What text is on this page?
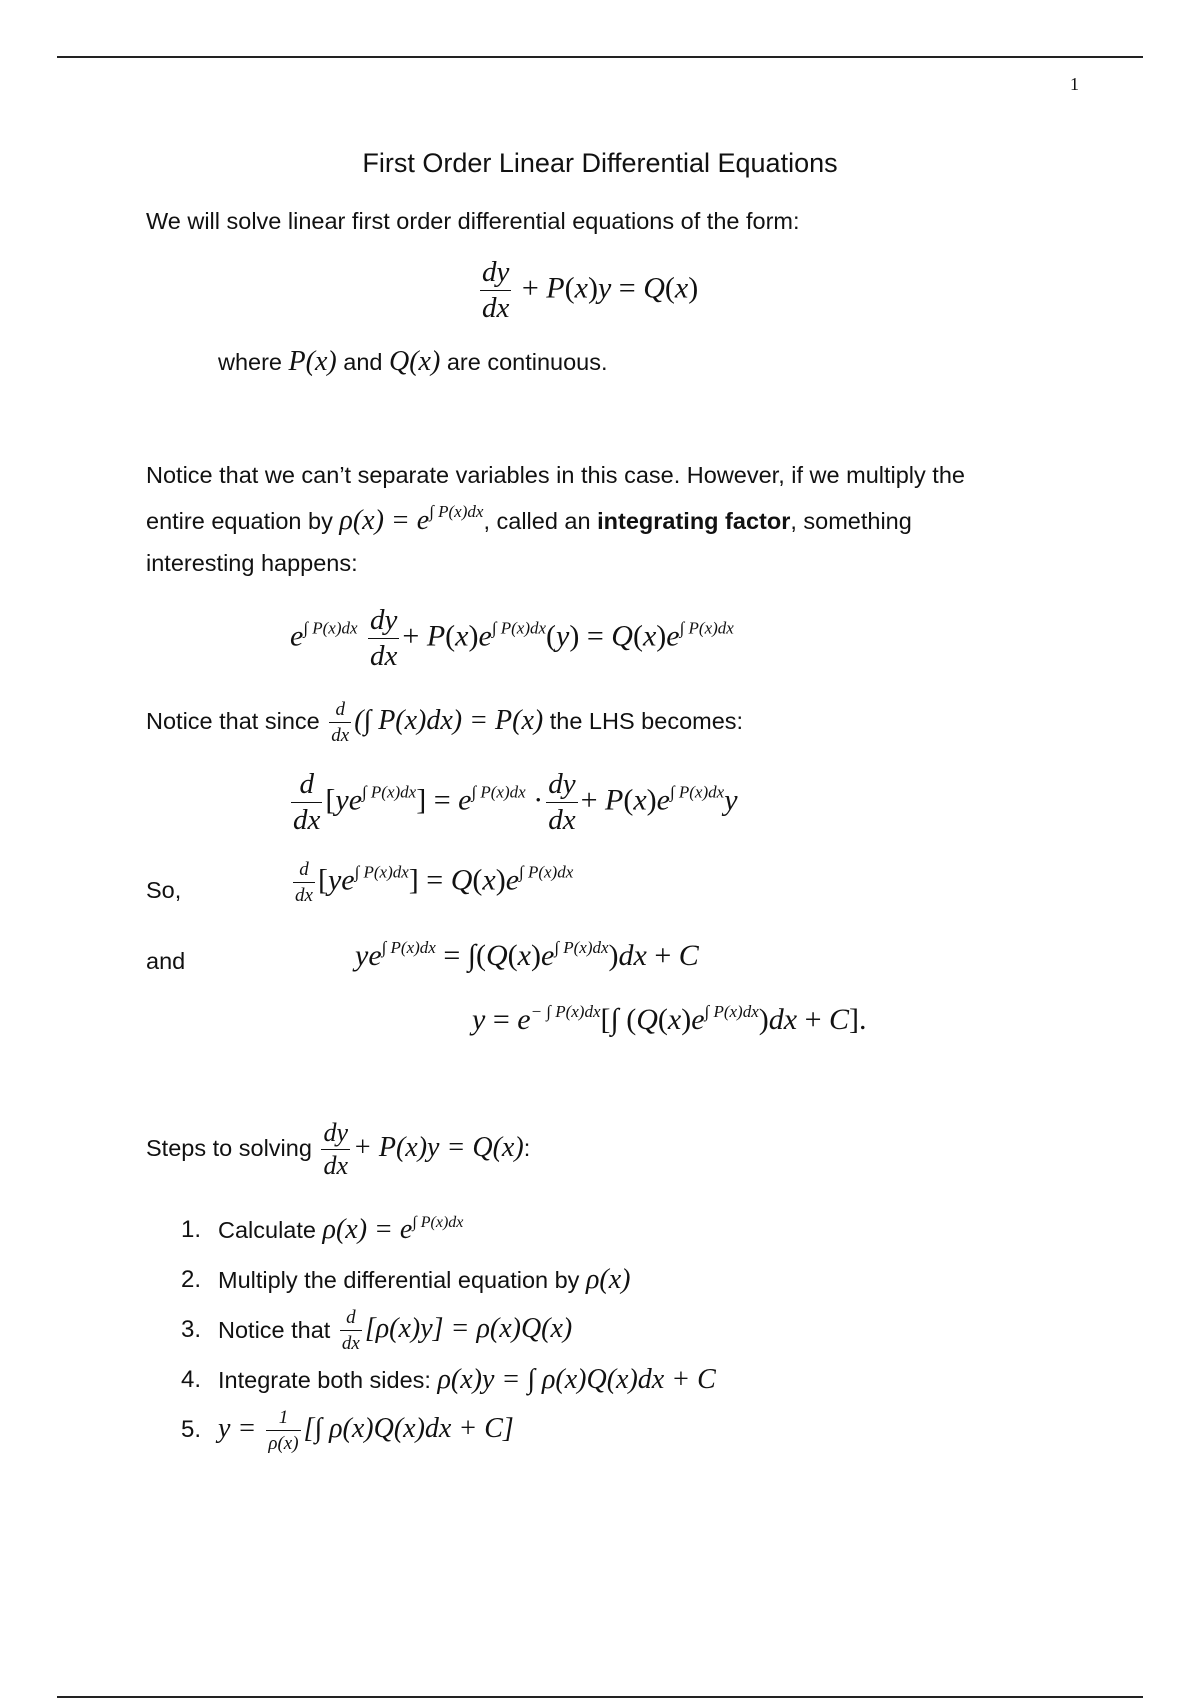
1
First Order Linear Differential Equations
We will solve linear first order differential equations of the form:
$\frac{dy}{dx} + P(x)y = Q(x)$
where P(x) and Q(x) are continuous.
Notice that we can’t separate variables in this case. However, if we multiply the
entire equation by $\rho(x) = e^{\int P(x)dx}$, called an integrating factor, something
interesting happens:
$e^{\int P(x)dx} \frac{dy}{dx} + P(x)e^{\int P(x)dx}(y) = Q(x)e^{\int P(x)dx}$
Notice that since $\frac{d}{dx}$ (∫ P(x)dx) = P(x) the LHS becomes:
$\frac{d}{dx} [ye^{\int P(x)dx}] = e^{\int P(x)dx} \cdot \frac{dy}{dx} + P(x)e^{\int P(x)dx}y$
So,	$\frac{d}{dx} [ye^{\int P(x)dx}] = Q(x)e^{\int P(x)dx}$
and	$ye^{\int P(x)dx} = \int(Q(x)e^{\int P(x)dx})dx + C$
$y = e^{- \int P(x)dx}[\int$ $(Q(x)e^{\int P(x)dx})dx + C$].
Steps to solving $\frac{dy}{dx} + P(x)y = Q(x)$:
1. Calculate
$\rho(x) = e^{\int P(x)dx}$
2. Multiply the differential equation by
ρ(x)
3. Notice that
$\frac{d}{dx} [\rho(x)y] = \rho(x)Q(x)$
4. Integrate both sides:
ρ(x)y = ∫ ρ(x)Q(x)dx + C
5. $y = \frac{1}{\rho(x)}$ [∫ ρ(x)Q(x)dx + C]
